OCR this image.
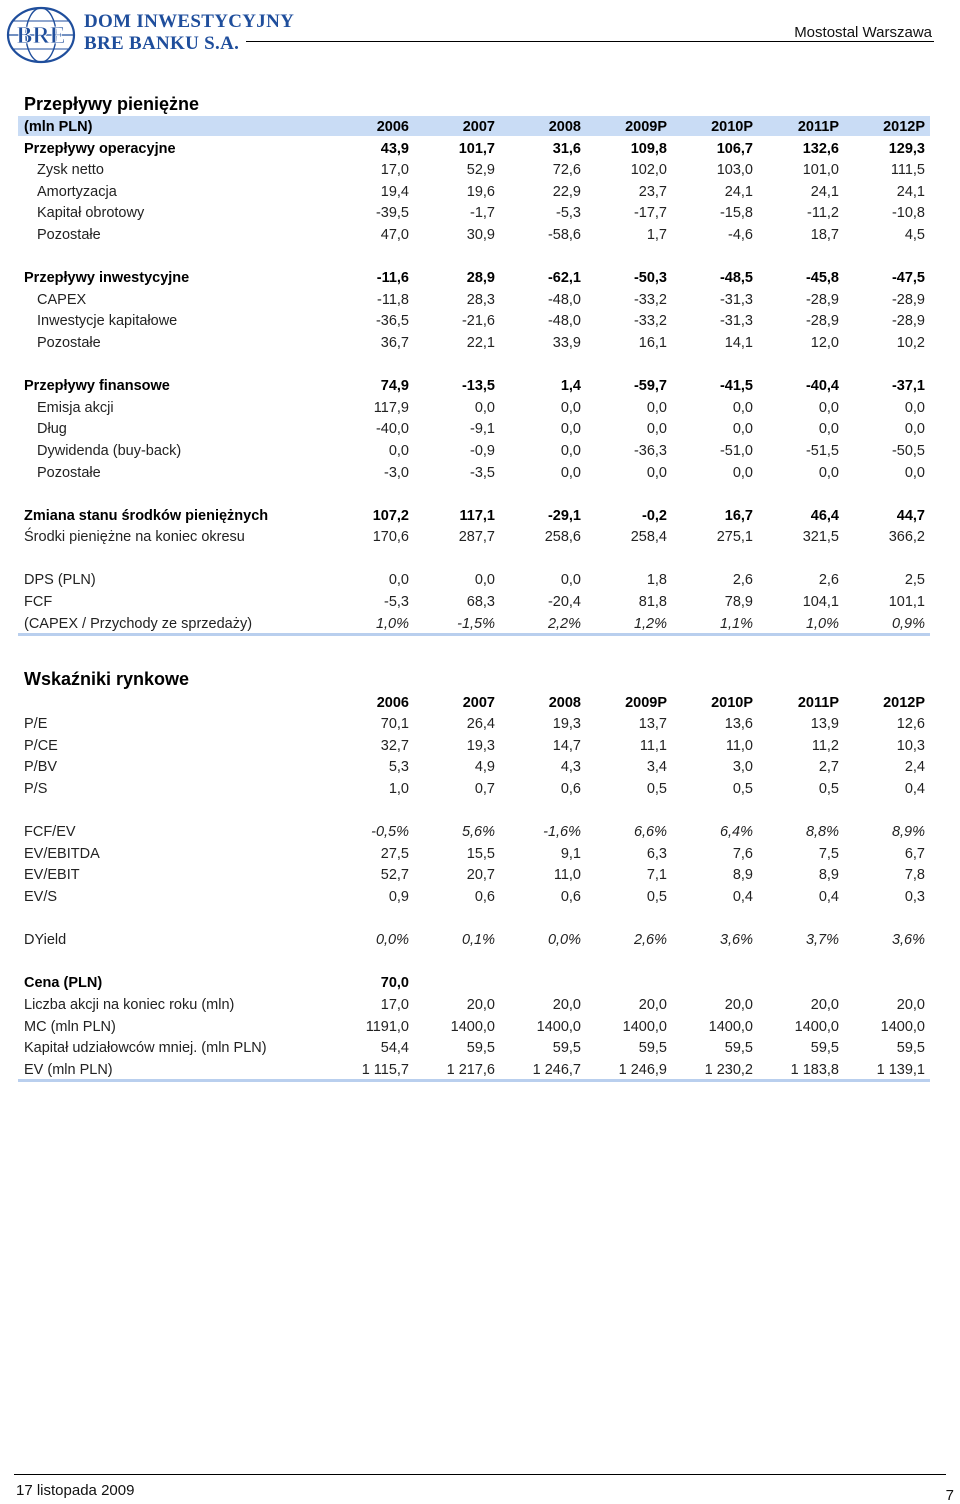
BRE
DOM INWESTYCYJNY
BRE BANKU S.A.
Mostostal Warszawa
Przepływy pieniężne
(mln PLN)	2006	2007	2008	2009P	2010P	2011P	2012P
Przepływy operacyjne	43,9	101,7	31,6	109,8	106,7	132,6	129,3
Zysk netto	17,0	52,9	72,6	102,0	103,0	101,0	111,5
Amortyzacja	19,4	19,6	22,9	23,7	24,1	24,1	24,1
Kapitał obrotowy	-39,5	-1,7	-5,3	-17,7	-15,8	-11,2	-10,8
Pozostałe	47,0	30,9	-58,6	1,7	-4,6	18,7	4,5

Przepływy inwestycyjne	-11,6	28,9	-62,1	-50,3	-48,5	-45,8	-47,5
CAPEX	-11,8	28,3	-48,0	-33,2	-31,3	-28,9	-28,9
Inwestycje kapitałowe	-36,5	-21,6	-48,0	-33,2	-31,3	-28,9	-28,9
Pozostałe	36,7	22,1	33,9	16,1	14,1	12,0	10,2

Przepływy finansowe	74,9	-13,5	1,4	-59,7	-41,5	-40,4	-37,1
Emisja akcji	117,9	0,0	0,0	0,0	0,0	0,0	0,0
Dług	-40,0	-9,1	0,0	0,0	0,0	0,0	0,0
Dywidenda (buy-back)	0,0	-0,9	0,0	-36,3	-51,0	-51,5	-50,5
Pozostałe	-3,0	-3,5	0,0	0,0	0,0	0,0	0,0

Zmiana stanu środków pieniężnych	107,2	117,1	-29,1	-0,2	16,7	46,4	44,7
Środki pieniężne na koniec okresu	170,6	287,7	258,6	258,4	275,1	321,5	366,2

DPS (PLN)	0,0	0,0	0,0	1,8	2,6	2,6	2,5
FCF	-5,3	68,3	-20,4	81,8	78,9	104,1	101,1
(CAPEX / Przychody ze sprzedaży)	1,0%	-1,5%	2,2%	1,2%	1,1%	1,0%	0,9%
Wskaźniki rynkowe
	2006	2007	2008	2009P	2010P	2011P	2012P
P/E	70,1	26,4	19,3	13,7	13,6	13,9	12,6
P/CE	32,7	19,3	14,7	11,1	11,0	11,2	10,3
P/BV	5,3	4,9	4,3	3,4	3,0	2,7	2,4
P/S	1,0	0,7	0,6	0,5	0,5	0,5	0,4

FCF/EV	-0,5%	5,6%	-1,6%	6,6%	6,4%	8,8%	8,9%
EV/EBITDA	27,5	15,5	9,1	6,3	7,6	7,5	6,7
EV/EBIT	52,7	20,7	11,0	7,1	8,9	8,9	7,8
EV/S	0,9	0,6	0,6	0,5	0,4	0,4	0,3

DYield	0,0%	0,1%	0,0%	2,6%	3,6%	3,7%	3,6%

Cena (PLN)	70,0						
Liczba akcji na koniec roku (mln)	17,0	20,0	20,0	20,0	20,0	20,0	20,0
MC (mln PLN)	1191,0	1400,0	1400,0	1400,0	1400,0	1400,0	1400,0
Kapitał udziałowców mniej. (mln PLN)	54,4	59,5	59,5	59,5	59,5	59,5	59,5
EV (mln PLN)	1 115,7	1 217,6	1 246,7	1 246,9	1 230,2	1 183,8	1 139,1
17 listopada 2009	7
